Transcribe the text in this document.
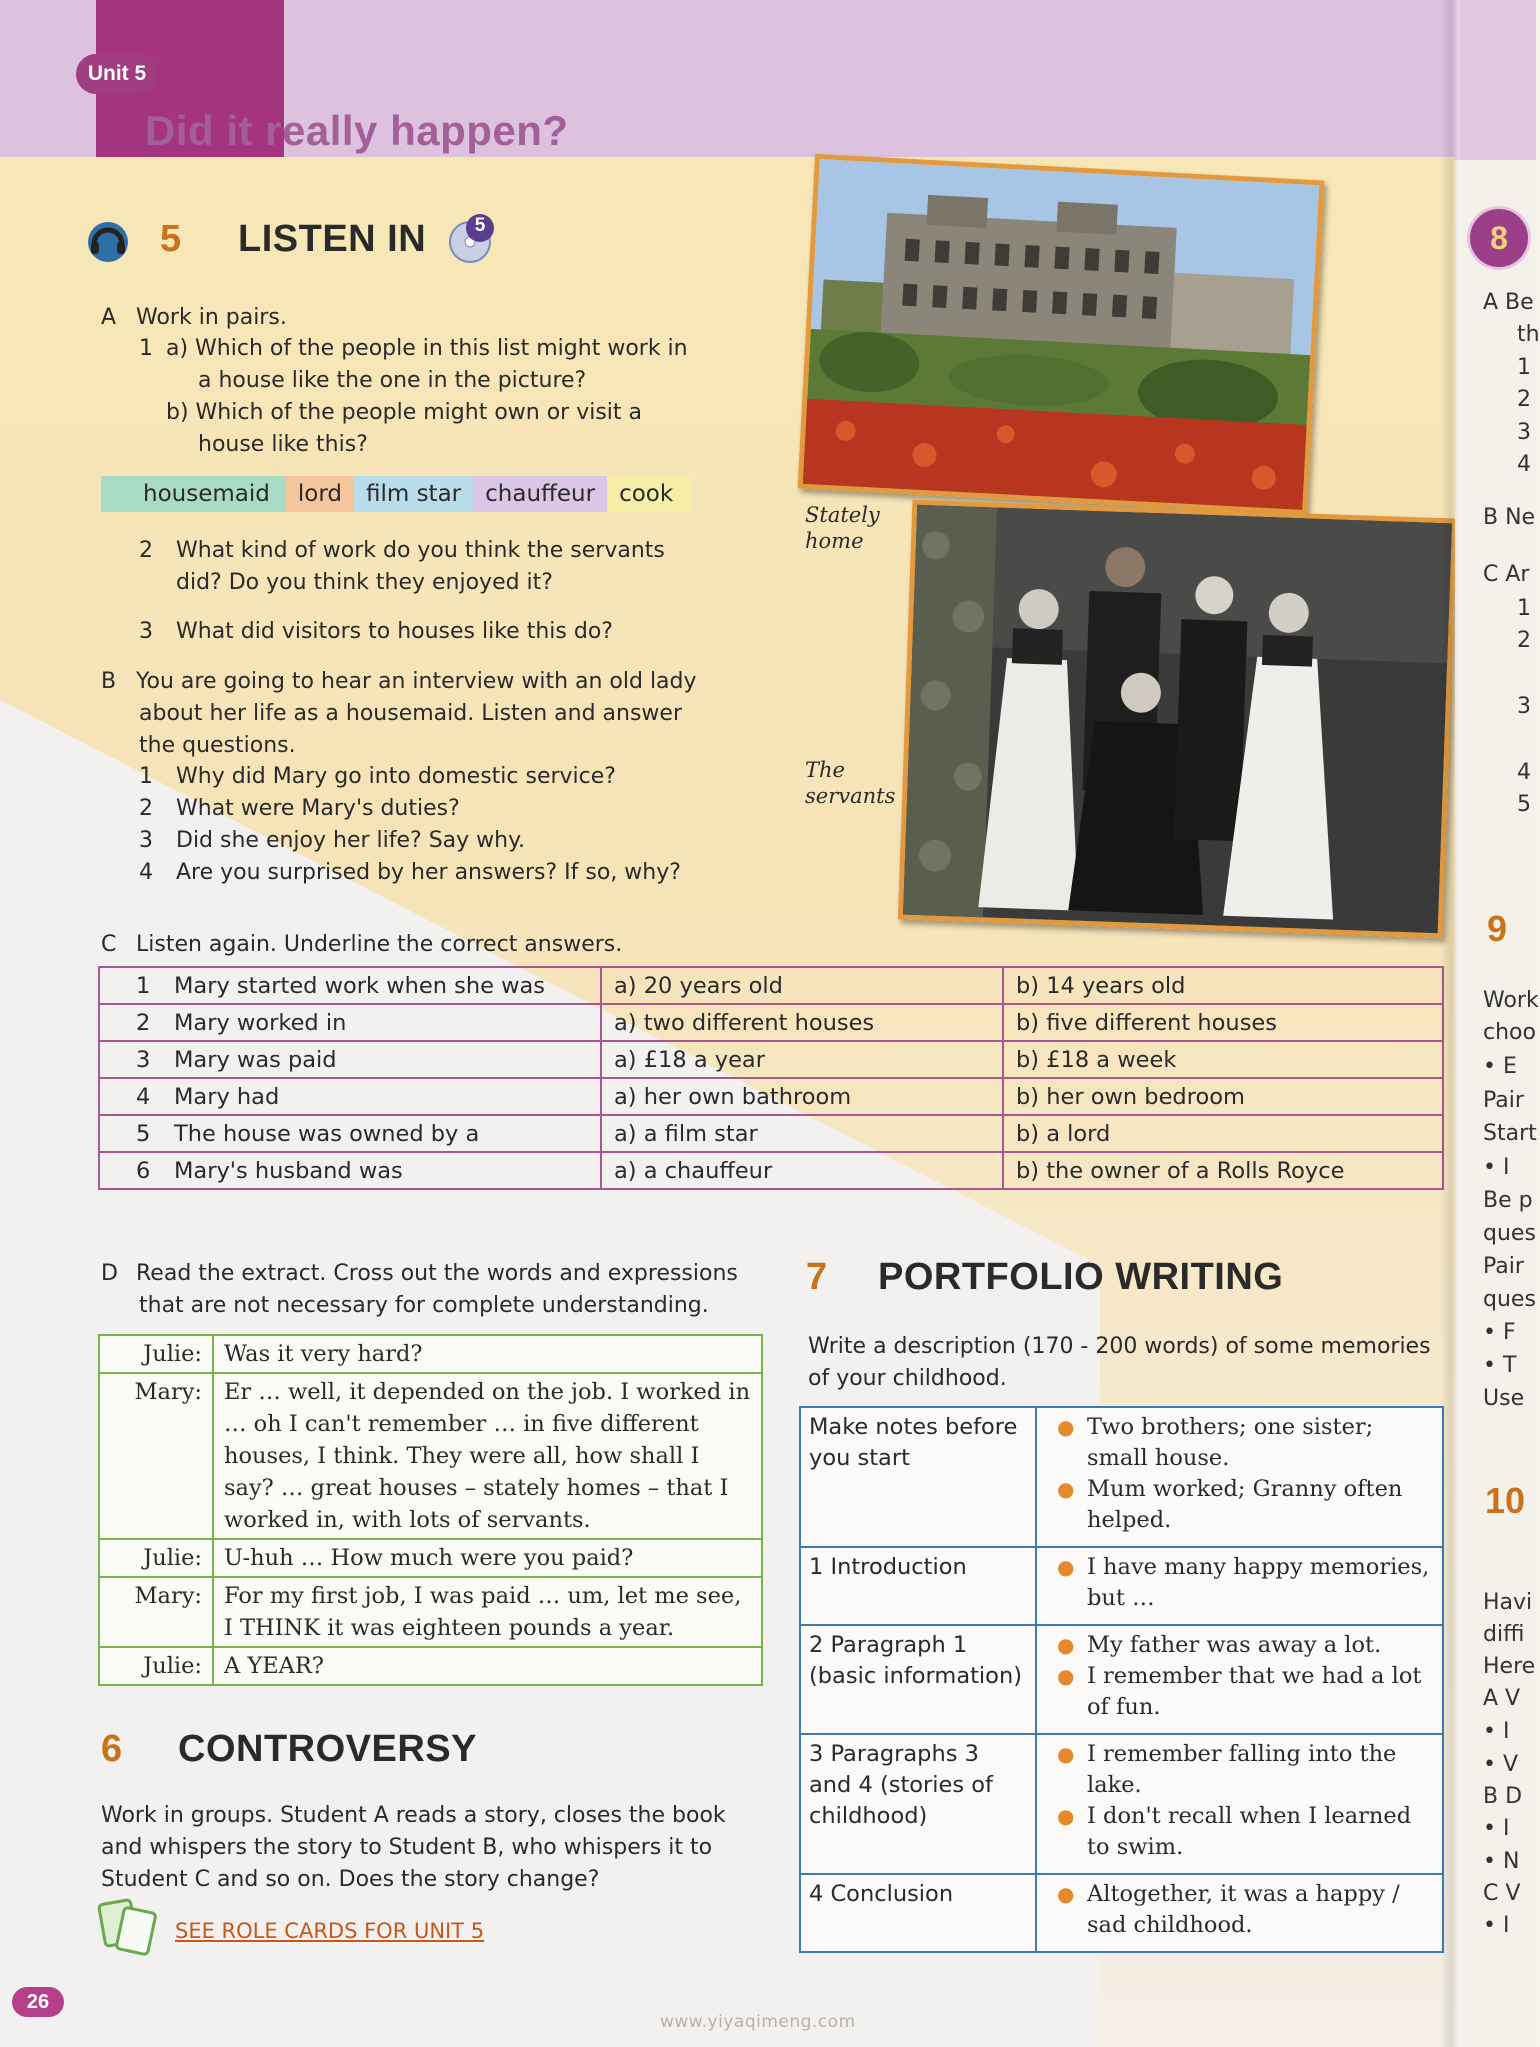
Unit 5
Did it really happen?
5 LISTEN IN	5
A Work in pairs.
1 a) Which of the people in this list might work in
a house like the one in the picture?
b) Which of the people might own or visit a
house like this?
housemaid	lord	film star	chauffeur	cook
2 What kind of work do you think the servants
did? Do you think they enjoyed it?
3 What did visitors to houses like this do?
B You are going to hear an interview with an old lady
about her life as a housemaid. Listen and answer
the questions.
1 Why did Mary go into domestic service?
2 What were Mary's duties?
3 Did she enjoy her life? Say why.
4 Are you surprised by her answers? If so, why?
Stately home
The servants
C Listen again. Underline the correct answers.
1 Mary started work when she was	a) 20 years old	b) 14 years old
2 Mary worked in	a) two different houses	b) five different houses
3 Mary was paid	a) £18 a year	b) £18 a week
4 Mary had	a) her own bathroom	b) her own bedroom
5 The house was owned by a	a) a film star	b) a lord
6 Mary's husband was	a) a chauffeur	b) the owner of a Rolls Royce
D Read the extract. Cross out the words and expressions
that are not necessary for complete understanding.
Julie:	Was it very hard?
Mary:	Er … well, it depended on the job. I worked in … oh I can't remember … in five different houses, I think. They were all, how shall I say? … great houses – stately homes – that I worked in, with lots of servants.
Julie:	U-huh … How much were you paid?
Mary:	For my first job, I was paid … um, let me see, I THINK it was eighteen pounds a year.
Julie:	A YEAR?
6 CONTROVERSY
Work in groups. Student A reads a story, closes the book and whispers the story to Student B, who whispers it to Student C and so on. Does the story change?
SEE ROLE CARDS FOR UNIT 5
7 PORTFOLIO WRITING
Write a description (170 - 200 words) of some memories of your childhood.
Make notes before you start	● Two brothers; one sister; small house.
● Mum worked; Granny often helped.

1 Introduction	● I have many happy memories, but …

2 Paragraph 1 (basic information)	● My father was away a lot.
● I remember that we had a lot of fun.

3 Paragraphs 3 and 4 (stories of childhood)	● I remember falling into the lake.
● I don't recall when I learned to swim.

4 Conclusion	● Altogether, it was a happy / sad childhood.
8
A Be
th
1
2
3
4
B Ne
C Ar
1
2
3
4
5
9
Work
choo
• E
Pair
Start
• I
Be p
ques
Pair
ques
• F
• T
Use
10
Havi
diffi
Here
A V
• I
• V
B D
• I
• N
C V
• I
26
www.yiyaqimeng.com
